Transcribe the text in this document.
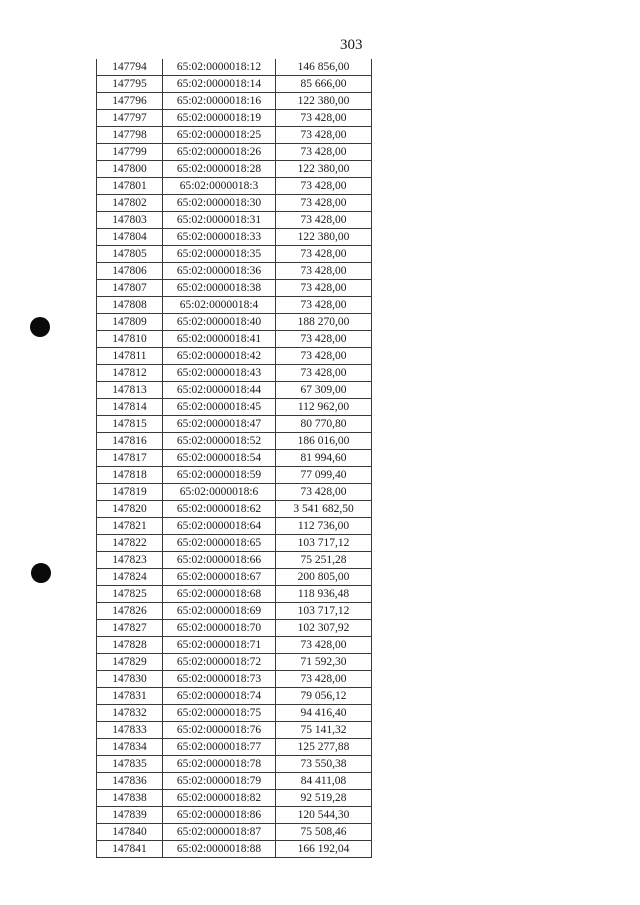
303
147794	65:02:0000018:12	146 856,00
147795	65:02:0000018:14	85 666,00
147796	65:02:0000018:16	122 380,00
147797	65:02:0000018:19	73 428,00
147798	65:02:0000018:25	73 428,00
147799	65:02:0000018:26	73 428,00
147800	65:02:0000018:28	122 380,00
147801	65:02:0000018:3	73 428,00
147802	65:02:0000018:30	73 428,00
147803	65:02:0000018:31	73 428,00
147804	65:02:0000018:33	122 380,00
147805	65:02:0000018:35	73 428,00
147806	65:02:0000018:36	73 428,00
147807	65:02:0000018:38	73 428,00
147808	65:02:0000018:4	73 428,00
147809	65:02:0000018:40	188 270,00
147810	65:02:0000018:41	73 428,00
147811	65:02:0000018:42	73 428,00
147812	65:02:0000018:43	73 428,00
147813	65:02:0000018:44	67 309,00
147814	65:02:0000018:45	112 962,00
147815	65:02:0000018:47	80 770,80
147816	65:02:0000018:52	186 016,00
147817	65:02:0000018:54	81 994,60
147818	65:02:0000018:59	77 099,40
147819	65:02:0000018:6	73 428,00
147820	65:02:0000018:62	3 541 682,50
147821	65:02:0000018:64	112 736,00
147822	65:02:0000018:65	103 717,12
147823	65:02:0000018:66	75 251,28
147824	65:02:0000018:67	200 805,00
147825	65:02:0000018:68	118 936,48
147826	65:02:0000018:69	103 717,12
147827	65:02:0000018:70	102 307,92
147828	65:02:0000018:71	73 428,00
147829	65:02:0000018:72	71 592,30
147830	65:02:0000018:73	73 428,00
147831	65:02:0000018:74	79 056,12
147832	65:02:0000018:75	94 416,40
147833	65:02:0000018:76	75 141,32
147834	65:02:0000018:77	125 277,88
147835	65:02:0000018:78	73 550,38
147836	65:02:0000018:79	84 411,08
147838	65:02:0000018:82	92 519,28
147839	65:02:0000018:86	120 544,30
147840	65:02:0000018:87	75 508,46
147841	65:02:0000018:88	166 192,04
